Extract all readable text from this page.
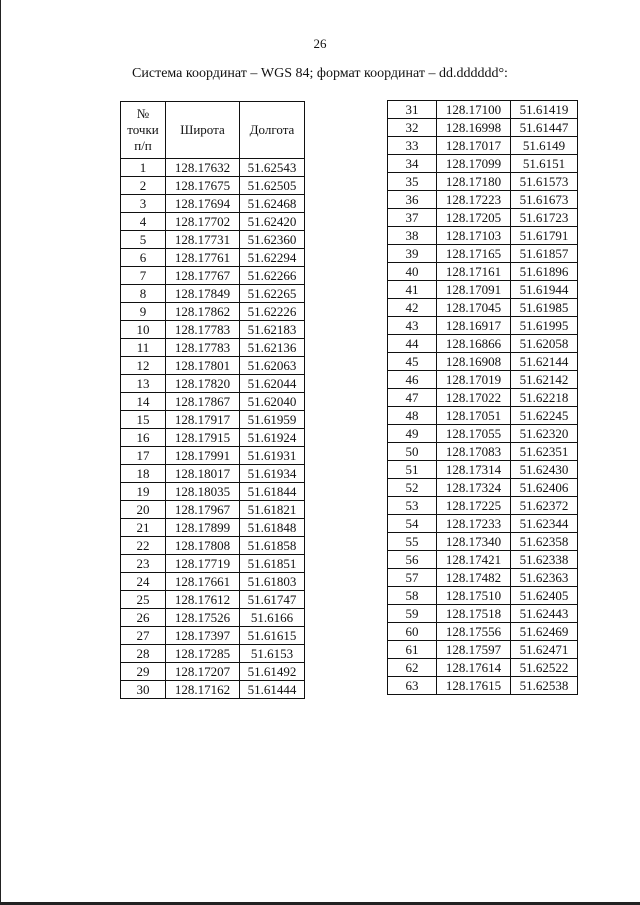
26
Система координат – WGS 84; формат координат – dd.dddddd°:
№ точки п/п	Широта	Долгота
1	128.17632	51.62543
2	128.17675	51.62505
3	128.17694	51.62468
4	128.17702	51.62420
5	128.17731	51.62360
6	128.17761	51.62294
7	128.17767	51.62266
8	128.17849	51.62265
9	128.17862	51.62226
10	128.17783	51.62183
11	128.17783	51.62136
12	128.17801	51.62063
13	128.17820	51.62044
14	128.17867	51.62040
15	128.17917	51.61959
16	128.17915	51.61924
17	128.17991	51.61931
18	128.18017	51.61934
19	128.18035	51.61844
20	128.17967	51.61821
21	128.17899	51.61848
22	128.17808	51.61858
23	128.17719	51.61851
24	128.17661	51.61803
25	128.17612	51.61747
26	128.17526	51.6166
27	128.17397	51.61615
28	128.17285	51.6153
29	128.17207	51.61492
30	128.17162	51.61444
31	128.17100	51.61419
32	128.16998	51.61447
33	128.17017	51.6149
34	128.17099	51.6151
35	128.17180	51.61573
36	128.17223	51.61673
37	128.17205	51.61723
38	128.17103	51.61791
39	128.17165	51.61857
40	128.17161	51.61896
41	128.17091	51.61944
42	128.17045	51.61985
43	128.16917	51.61995
44	128.16866	51.62058
45	128.16908	51.62144
46	128.17019	51.62142
47	128.17022	51.62218
48	128.17051	51.62245
49	128.17055	51.62320
50	128.17083	51.62351
51	128.17314	51.62430
52	128.17324	51.62406
53	128.17225	51.62372
54	128.17233	51.62344
55	128.17340	51.62358
56	128.17421	51.62338
57	128.17482	51.62363
58	128.17510	51.62405
59	128.17518	51.62443
60	128.17556	51.62469
61	128.17597	51.62471
62	128.17614	51.62522
63	128.17615	51.62538
